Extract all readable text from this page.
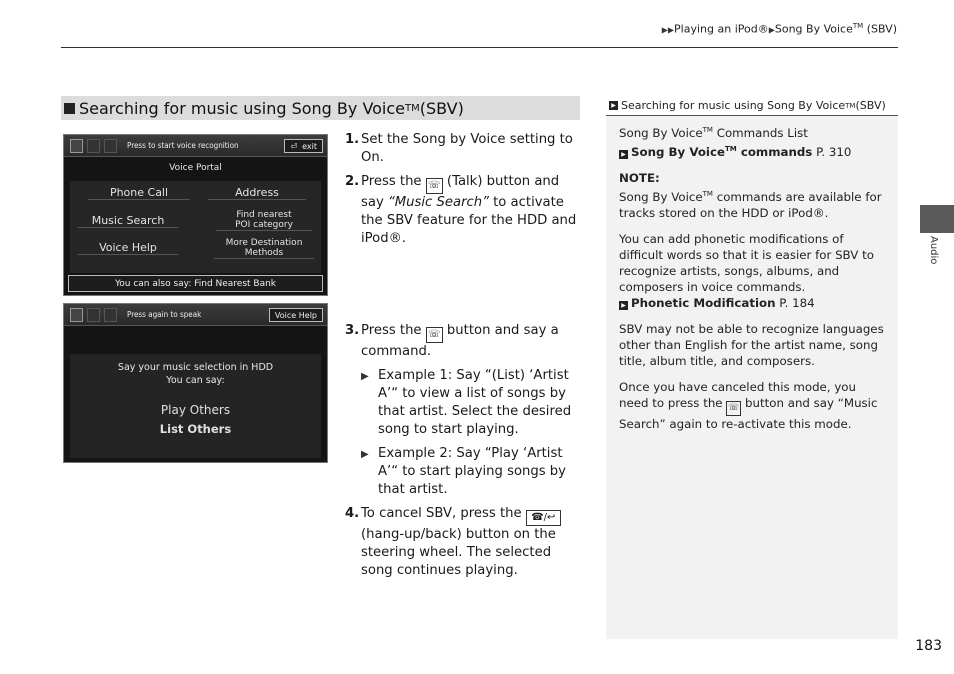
▶▶Playing an iPod®▶Song By Voice™ (SBV)
Searching for music using Song By Voice TM (SBV)
Press to start voice recognition	⏎ exit
Voice Portal
Phone Call	Address
Music Search	Find nearest
POI category
Voice Help	More Destination
Methods
You can also say: Find Nearest Bank
Press again to speak	Voice Help
Say your music selection in HDD
You can say:
Play Others
List Others
1. Set the Song by Voice setting to On.
2. Press the ☏ (Talk) button and say “Music Search” to activate the SBV feature for the HDD and iPod®.
3. Press the ☏ button and say a command.
▶ Example 1: Say “(List) ‘Artist A’“ to view a list of songs by that artist. Select the desired song to start playing.
▶ Example 2: Say “Play ‘Artist A’“ to start playing songs by that artist.
4. To cancel SBV, press the ☎/↩ (hang-up/back) button on the steering wheel. The selected song continues playing.
▶ Searching for music using Song By Voice TM (SBV)

Song By Voice™ Commands List
▶ Song By Voice™ commands P. 310

NOTE:
Song By Voice™ commands are available for tracks stored on the HDD or iPod®.

You can add phonetic modifications of difficult words so that it is easier for SBV to recognize artists, songs, albums, and composers in voice commands.
▶ Phonetic Modification P. 184

SBV may not be able to recognize languages other than English for the artist name, song title, album title, and composers.

Once you have canceled this mode, you need to press the ☏ button and say “Music Search” again to re-activate this mode.

Audio
183
